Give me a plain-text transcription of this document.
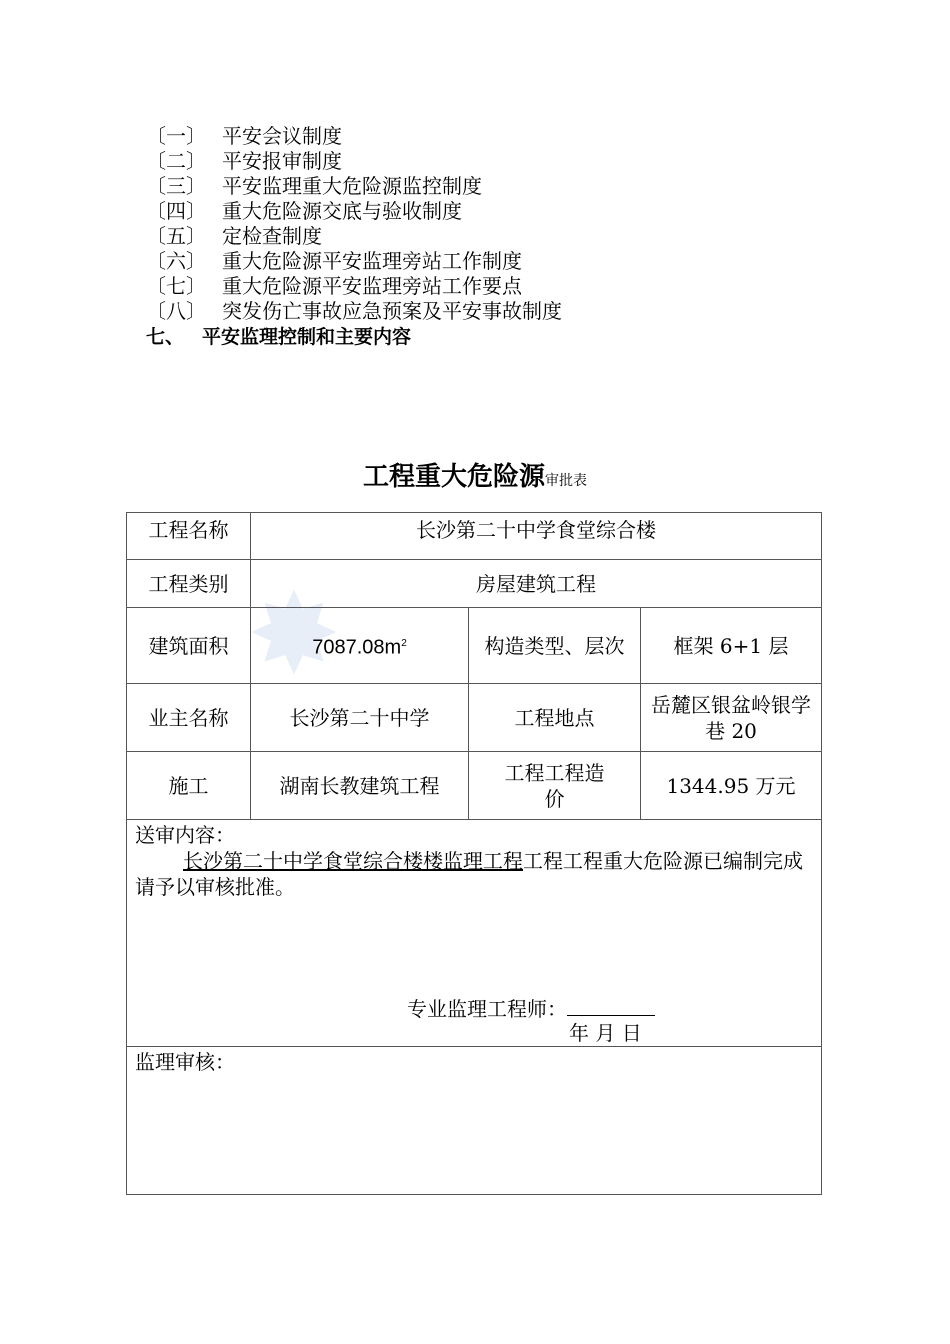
〔一〕 平安会议制度
〔二〕 平安报审制度
〔三〕 平安监理重大危险源监控制度
〔四〕 重大危险源交底与验收制度
〔五〕 定检查制度
〔六〕 重大危险源平安监理旁站工作制度
〔七〕 重大危险源平安监理旁站工作要点
〔八〕 突发伤亡事故应急预案及平安事故制度
七、 平安监理控制和主要内容
工程重大危险源审批表
工程名称	长沙第二十中学食堂综合楼		
工程类别	房屋建筑工程		
建筑面积	$7087.08m^2$	构造类型、层次	框架 6+1 层
业主名称	长沙第二十中学	工程地点	岳麓区银盆岭银学巷 20
施工	湖南长教建筑工程	工程工程造价	1344.95 万元

送审内容：
长沙第二十中学食堂综合楼楼监理工程工程工程重大危险源已编制完成请予以审核批准。
专业监理工程师：
年 月 日			

监理审核：			
